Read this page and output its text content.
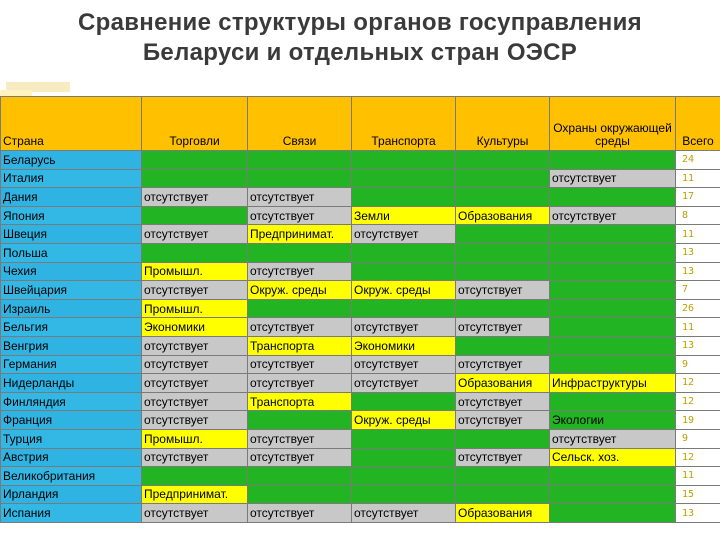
Сравнение структуры органов госуправления
Беларуси и отдельных стран ОЭСР
Страна	Торговли	Связи	Транспорта	Культуры	Охраны окружающей среды	Всего
Беларусь						24
Италия					отсутствует	11
Дания	отсутствует	отсутствует				17
Япония		отсутствует	Земли	Образования	отсутствует	8
Швеция	отсутствует	Предпринимат.	отсутствует			11
Польша						13
Чехия	Промышл.	отсутствует				13
Швейцария	отсутствует	Окруж. среды	Окруж. среды	отсутствует		7
Израиль	Промышл.					26
Бельгия	Экономики	отсутствует	отсутствует	отсутствует		11
Венгрия	отсутствует	Транспорта	Экономики			13
Германия	отсутствует	отсутствует	отсутствует	отсутствует		9
Нидерланды	отсутствует	отсутствует	отсутствует	Образования	Инфраструктуры	12
Финляндия	отсутствует	Транспорта		отсутствует		12
Франция	отсутствует		Окруж. среды	отсутствует	Экологии	19
Турция	Промышл.	отсутствует			отсутствует	9
Австрия	отсутствует	отсутствует		отсутствует	Сельск. хоз.	12
Великобритания						11
Ирландия	Предпринимат.					15
Испания	отсутствует	отсутствует	отсутствует	Образования		13
